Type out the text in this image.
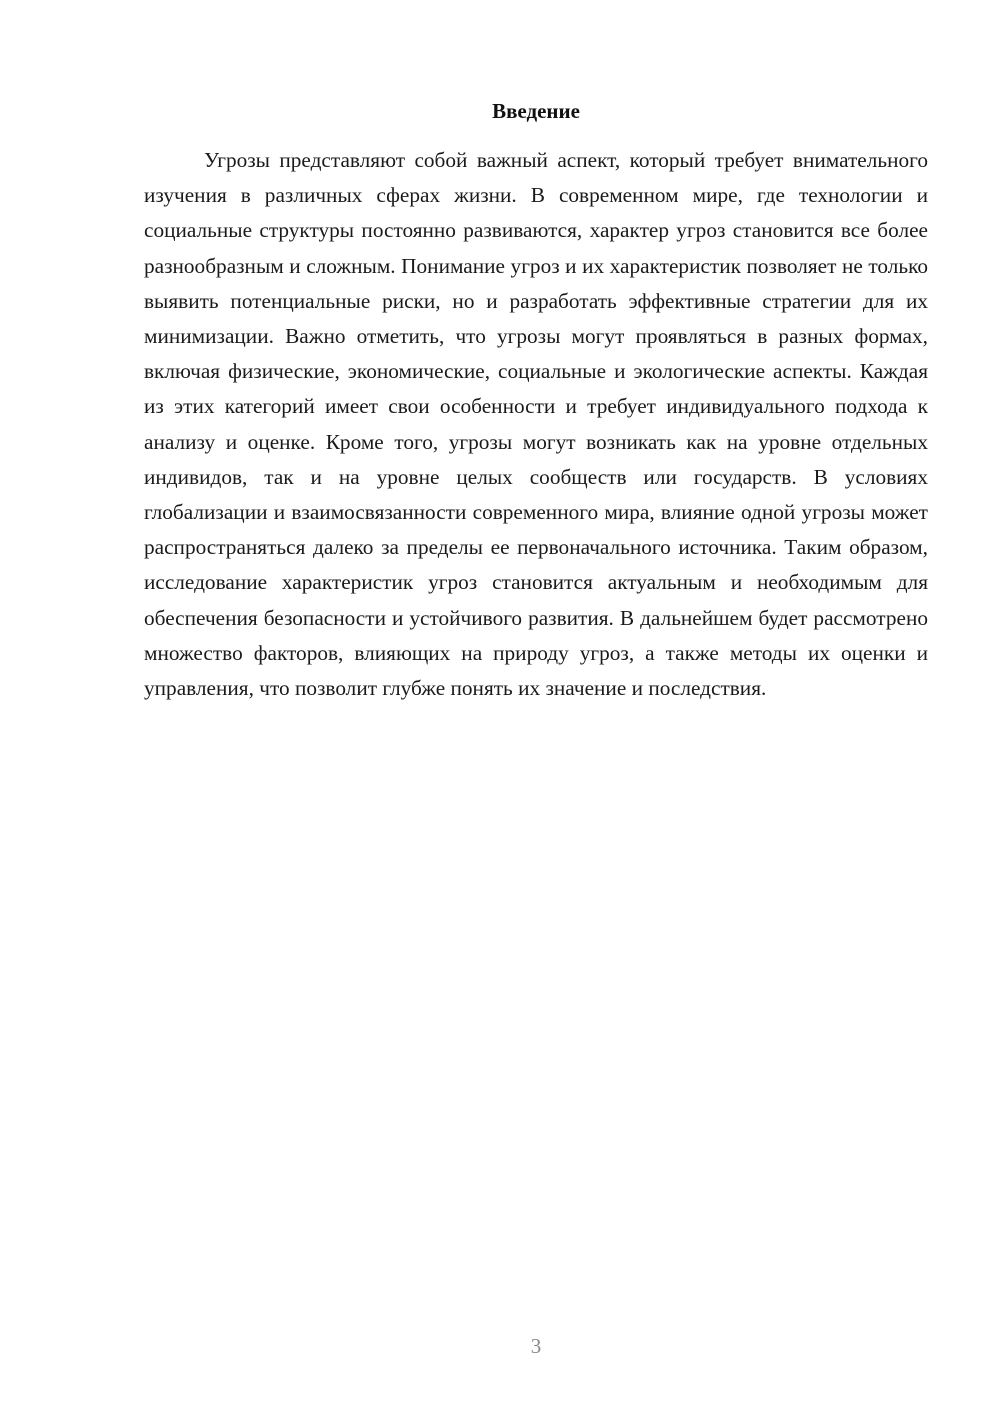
Введение

Угрозы представляют собой важный аспект, который требует внимательного изучения в различных сферах жизни. В современном мире, где технологии и социальные структуры постоянно развиваются, характер угроз становится все более разнообразным и сложным. Понимание угроз и их характеристик позволяет не только выявить потенциальные риски, но и разработать эффективные стратегии для их минимизации. Важно отметить, что угрозы могут проявляться в разных формах, включая физические, экономические, социальные и экологические аспекты. Каждая из этих категорий имеет свои особенности и требует индивидуального подхода к анализу и оценке. Кроме того, угрозы могут возникать как на уровне отдельных индивидов, так и на уровне целых сообществ или государств. В условиях глобализации и взаимосвязанности современного мира, влияние одной угрозы может распространяться далеко за пределы ее первоначального источника. Таким образом, исследование характеристик угроз становится актуальным и необходимым для обеспечения безопасности и устойчивого развития. В дальнейшем будет рассмотрено множество факторов, влияющих на природу угроз, а также методы их оценки и управления, что позволит глубже понять их значение и последствия.

3
